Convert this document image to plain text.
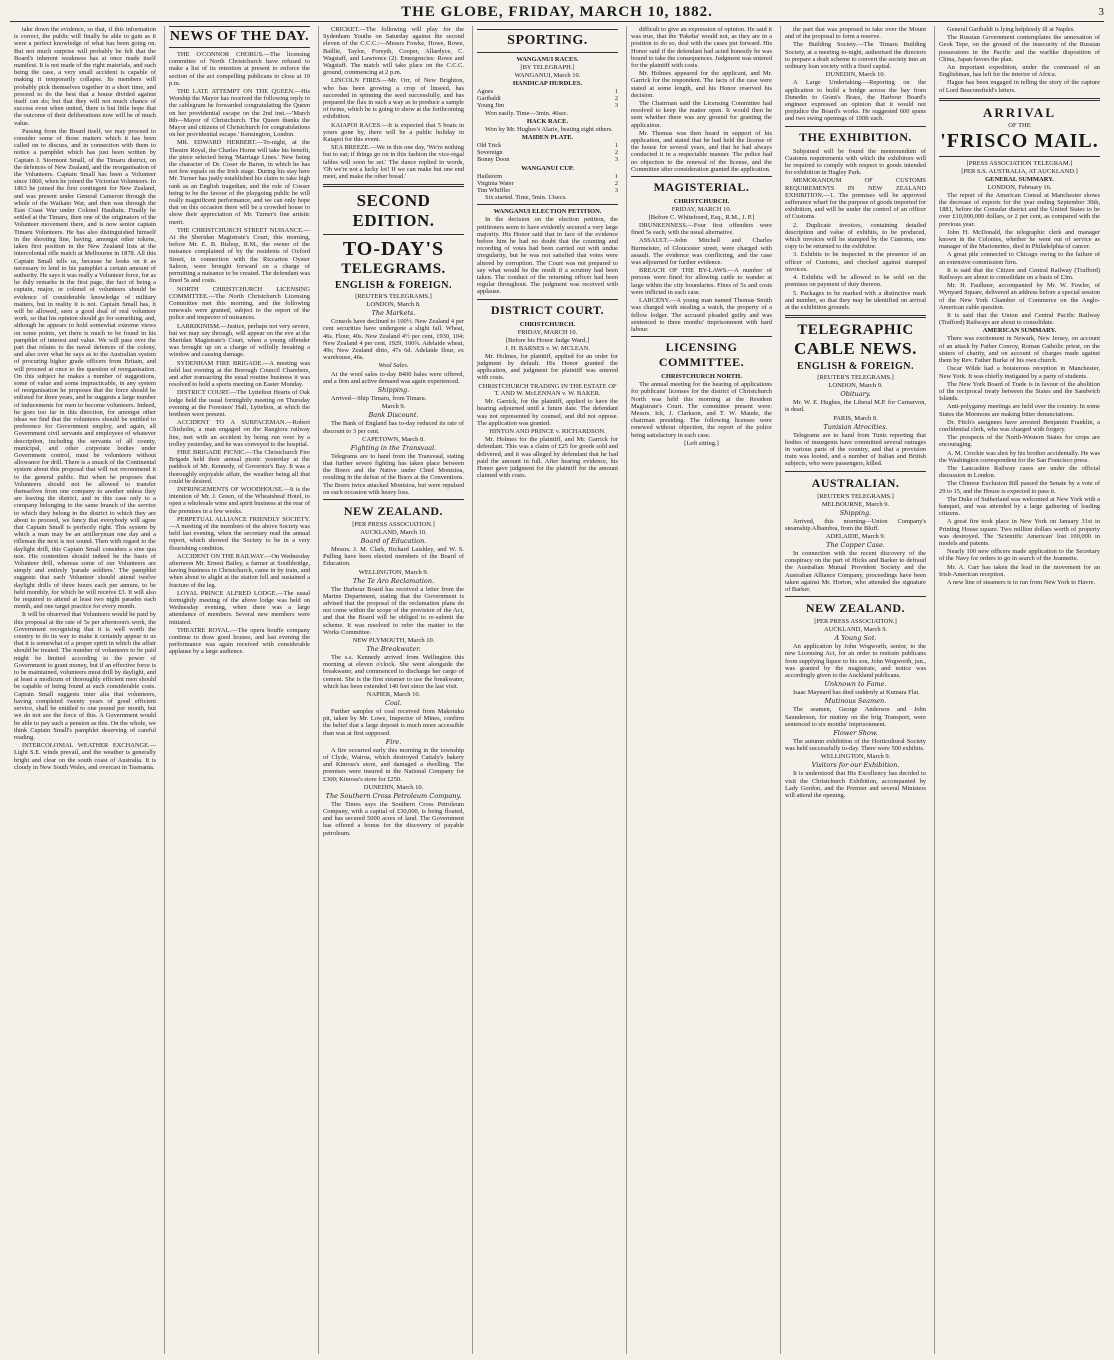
THE GLOBE, FRIDAY, MARCH 10, 1882.	3

take down the evidence, so that, if this information is correct, the public will finally be able to gain as it were a perfect knowledge of what has been going on. But not much surprise will probably be felt that the Board's inherent weakness has at once made itself manifest. It is not made of the right materials, and such being the case, a very small accident is capable of making it temporarily collapse. Its members will probably pick themselves together in a short time, and proceed to do the best that a house divided against itself can do; but that they will not much chance of success even when united, there is but little hope that the outcome of their deliberations now will be of much value.

Passing from the Board itself, we may proceed to consider some of those matters which it has been called on to discuss, and in connection with them to notice a pamphlet which has just been written by Captain J. Stormont Small, of the Timaru district, on the defences of New Zealand, and the reorganisation of the Volunteers. Captain Small has been a Volunteer since 1860, when he joined the Victorian Volunteers. In 1863 he joined the first contingent for New Zealand, and was present under General Cameron through the whole of the Waikato War, and then was through the East Coast War under Colonel Haultain. Finally he settled at the Timaru, then one of the originators of the Volunteer movement there, and is now senior captain Timaru Volunteers. He has also distinguished himself in the shooting line, having, amongst other tokens, taken first position in the New Zealand lists at the intercolonial rifle match at Melbourne in 1878. All this Captain Small tells us, because he looks on it as necessary to lend to his pamphlet a certain amount of authority. He says it was really a Volunteer force, for as he duly remarks in the first page, the fact of being a captain, major, or colonel of volunteers should be evidence of considerable knowledge of military matters, but in reality it is not. Captain Small has, it will be allowed, seen a good deal of real volunteer work, so that his opinion should go for something, and, although he appears to hold somewhat extreme views on some points, yet there is much to be found in his pamphlet of interest and value. We will pass over the part that relates to the naval defences of the colony, and also over what he says as to the Australian system of procuring higher grade officers from Britain, and will proceed at once to the question of reorganisation. On this subject he makes a number of suggestions, some of value and some impracticable, in any system of reorganisation he proposes that the force should be enlisted for three years, and he suggests a large number of inducements for men to become volunteers. Indeed, he goes too far in this direction, for amongst other ideas we find that the volunteers should be entitled to preference for Government employ, and again, all Government civil servants and employees of whatever description, including the servants of all county, municipal, and other corporate bodies under Government control, must be volunteers without allowance for drill. There is a smack of the Continental system about this proposal that will not recommend it to the general public. But when he proposes that Volunteers should not be allowed to transfer themselves from one company to another unless they are leaving the district, and in this case only to a company belonging to the same branch of the service to which they belong in the district to which they are about to proceed, we fancy that everybody will agree that Captain Small is perfectly right. This system by which a man may be an artilleryman one day and a rifleman the next is not sound. Then with regard to the daylight drill, this Captain Small considers a sine qua non. His contention should indeed be the basis of Volunteer drill, whereas some of our Volunteers are simply and entirely 'parade soldiers.' The pamphlet suggests that each Volunteer should attend twelve daylight drills of three hours each per annum, to be held monthly, for which he will receive £3. It will also be required to attend at least two night parades each month, and one target practice for every month.

It will be observed that Volunteers would be paid by this proposal at the rate of 5s per afternoon's work, the Government recognising that it is well worth the country to do its way to make it certainly appear to us that it is somewhat of a proper spirit in which the affair should be treated. The number of volunteers to be paid might be limited according to the power of Government to grant money, but if an effective force is to be maintained, volunteers must drill by daylight, and at least a modicum of thoroughly efficient men should be capable of being found at such considerable costs. Captain Small suggests inter alia that volunteers, having completed twenty years of good efficient service, shall be entitled to one pound per month, but we do not see the force of this. A Government would be able to pay such a pension as this. On the whole, we think Captain Small's pamphlet deserving of careful reading.

INTERCOLONIAL WEATHER EXCHANGE.—Light S.E. winds prevail, and the weather is generally bright and clear on the south coast of Australia. It is cloudy in New South Wales, and overcast in Tasmania.

NEWS OF THE DAY.

THE O'CONNOR CHORUS.—The licensing committee of North Christchurch have refused to make a list of its retention at present to enforce the section of the act compelling publicans to close at 10 p.m.

THE LATE ATTEMPT ON THE QUEEN.—His Worship the Mayor has received the following reply to the cablegram he forwarded congratulating the Queen on her providential escape on the 2nd inst.—'March 8th—Mayor of Christchurch. The Queen thanks the Mayor and citizens of Christchurch for congratulations on her providential escape.' Kensington, London.

MR. EDWARD HERBERT.—To-night, at the Theatre Royal, the Charles Horne will take his benefit, the piece selected being 'Marriage Lines.' New being the character of Dr. Coser de Baron, in which he has not few equals on the Irish stage. During his stay here Mr. Turner has justly established his claim to take high rank as an English tragedian, and the role of Cosser being to be the favour of the playgoing public he will really magnificent performance, and we can only hope that on this occasion there will be a crowded house to show their appreciation of Mr. Turner's fine artistic merit.

THE CHRISTCHURCH STREET NUISANCE.—At the Sheridan Magistrate's Court, this morning, before Mr. E. B. Bishop, R.M., the owner of the nuisance complained of by the residents of Oxford Street, in connection with the Riccarton Oyster Saloon, were brought forward on a charge of permitting a nuisance to be created. The defendant was fined 5s and costs.

NORTH CHRISTCHURCH LICENSING COMMITTEE.—The North Christchurch Licensing Committee met this morning, and the following renewals were granted, subject to the report of the police and inspector of nuisances.

LARRIKINISM.—Justice, perhaps not very severe, but we may say through, will appear on the eve at the Sheridan Magistrate's Court, when a young offender was brought up on a charge of wilfully breaking a window and causing damage.

SYDENHAM FIRE BRIGADE.—A meeting was held last evening at the Borough Council Chambers, and after transacting the usual routine business it was resolved to hold a sports meeting on Easter Monday.

DISTRICT COURT.—The Lyttelton Hearts of Oak lodge held the usual fortnightly meeting on Thursday evening at the Foresters' Hall, Lyttelton, at which the brethren were present.

ACCIDENT TO A SURFACEMAN.—Robert Chisholm, a man engaged on the Rangiora railway line, met with an accident by being run over by a trolley yesterday, and he was conveyed to the hospital.

FIRE BRIGADE PICNIC.—The Christchurch Fire Brigade held their annual picnic yesterday at the paddock of Mr. Kennedy, of Governor's Bay. It was a thoroughly enjoyable affair, the weather being all that could be desired.

INFRINGEMENTS OF WOODHOUSE.—It is the intention of Mr. J. Green, of the Wheatsheaf Hotel, to open a wholesale wine and spirit business at the rear of the premises in a few weeks.

PERPETUAL ALLIANCE FRIENDLY SOCIETY.—A meeting of the members of the above Society was held last evening, when the secretary read the annual report, which showed the Society to be in a very flourishing condition.

ACCIDENT ON THE RAILWAY.—On Wednesday afternoon Mr. Ernest Bailey, a farmer at Southbridge, having business in Christchurch, came in by train, and when about to alight at the station fell and sustained a fracture of the leg.

LOYAL PRINCE ALFRED LODGE.—The usual fortnightly meeting of the above lodge was held on Wednesday evening, when there was a large attendance of members. Several new members were initiated.

THEATRE ROYAL.—The opera bouffe company continue to draw good houses, and last evening the performance was again received with considerable applause by a large audience.

CRICKET.—The following will play for the Sydenham Youths on Saturday against the second eleven of the C.C.C.:—Messrs Fowke, Howe, Rowe, Baillie, Taylor, Forsyth, Cooper, Allardyce, C. Wagstaff, and Lawrence (2). Emergencies: Rowe and Wagstaff. The match will take place on the C.C.C. ground, commencing at 2 p.m.

LINCOLN FIRES.—Mr. Orr, of New Brighton, who has been growing a crop of linseed, has succeeded in spinning the seed successfully, and has prepared the flax in such a way as to produce a sample of twine, which he is going to show at the forthcoming exhibition.

KAIAPOI RACES.—It is expected that 5 boats in yours gone by, there will be a public holiday in Kaiapoi for this event.

SEA BREEZE.—We in this one day, 'We're nothing but to eat; if things go on in this fashion the vice-regal tables will soon be set.' The dance replied in words, 'Oh we're not a lucky lot! If we can make but one end meet, and make the other bread.'

SECOND EDITION.
TO-DAY'S
TELEGRAMS.
ENGLISH & FOREIGN.
[REUTER'S TELEGRAMS.]
LONDON, March 8.
The Markets.

Consols have declined to 100½. New Zealand 4 per cent securities have undergone a slight fall. Wheat, 46s. Flour, 40s. New Zealand 4½ per cent, 1930, 104; New Zealand 4 per cent, 1929, 100¾. Adelaide wheat, 49s; New Zealand ditto, 47s 6d. Adelaide flour, ex warehouse, 46s.

Wool Sales.

At the wool sales to-day 8400 bales were offered, and a firm and active demand was again experienced.

Shipping.

Arrived—Ship Timaru, from Timaru.

March 9.
Bank Discount.

The Bank of England has to-day reduced its rate of discount to 3 per cent.

CAPETOWN, March 8.
Fighting in the Transvaal.

Telegrams are to hand from the Transvaal, stating that further severe fighting has taken place between the Boers and the Native under Chief Montsioa, resulting in the defeat of the Boers at the Conventions. The Boers twice attacked Montsioa, but were repulsed on each occasion with heavy loss.

NEW ZEALAND.
[PER PRESS ASSOCIATION.]
AUCKLAND, March 10.
Board of Education.

Messrs. J. M. Clark, Richard Laishley, and W. S. Pulling have been elected members of the Board of Education.

WELLINGTON, March 9.
The Te Aro Reclamation.

The Harbour Board has received a letter from the Marine Department, stating that the Government is advised that the proposal of the reclamation plans do not come within the scope of the provision of the Act, and that the Board will be obliged to re-submit the scheme. It was resolved to refer the matter to the Works Committee.

NEW PLYMOUTH, March 10.
The Breakwater.

The s.s. Kennedy arrived from Wellington this morning at eleven o'clock. She went alongside the breakwater, and commenced to discharge her cargo of cement. She is the first steamer to use the breakwater, which has been extended 140 feet since the last visit.

NAPIER, March 10.
Coal.

Further samples of coal received from Makotuku pit, taken by Mr. Lowe, Inspector of Mines, confirm the belief that a large deposit is much more accessible than was at first supposed.

Fire.

A fire occurred early this morning in the township of Clyde, Wairoa, which destroyed Cattaly's bakery and Kinross's store, and damaged a dwelling. The premises were insured in the National Company for £300; Kinross's store for £250.

DUNEDIN, March 10.
The Southern Cross Petroleum Company.

The Times says the Southern Cross Petroleum Company, with a capital of £30,000, is being floated, and has secured 5000 acres of land. The Government has offered a bonus for the discovery of payable petroleum.

SPORTING.
WANGANUI RACES.
[BY TELEGRAPH.]
WANGANUI, March 10.
HANDICAP HURDLES.
Agnes	1
Garibaldi	2
Young Jim	3

Won easily. Time—3min. 46sec.

HACK RACE.

Won by Mr. Hughes's Alarie, beating eight others.

MAIDEN PLATE.
Old Trick	1
Sovereign	2
Bonny Doon	3
WANGANUI CUP.
Hailstorm	1
Virginia Water	2
Tim Whiffler	3

Six started. Time, 5min. 13secs.

WANGANUI ELECTION PETITION.

In the decision on the election petition, the petitioners seem to have evidently secured a very large majority. His Honor said that in face of the evidence before him he had no doubt that the counting and recording of votes had been carried out with undue irregularity, but he was not satisfied that votes were altered by corruption. The Court was not prepared to say what would be the result if a scrutiny had been taken. The conduct of the returning officer had been regular throughout. The judgment was received with applause.

DISTRICT COURT.
CHRISTCHURCH.
FRIDAY, MARCH 10.
[Before his Honor Judge Ward.]
J. H. BARNES v. W. MCLEAN.

Mr. Holmes, for plaintiff, applied for an order for judgment by default. His Honor granted the application, and judgment for plaintiff was entered with costs.

CHRISTCHURCH TRADING IN THE ESTATE OF T. AND W. McLENNAN v. W. BAKER.

Mr. Garrick, for the plaintiff, applied to have the hearing adjourned until a future date. The defendant was not represented by counsel, and did not oppose. The application was granted.

HINTON AND PRINCE v. RICHARDSON.

Mr. Holmes for the plaintiff, and Mr. Garrick for defendant. This was a claim of £25 for goods sold and delivered, and it was alleged by defendant that he had paid the amount in full. After hearing evidence, his Honor gave judgment for the plaintiff for the amount claimed with costs.

difficult to give an expression of opinion. He said it was true, that the 'Pakeha' would not, as they are in a position to do so, deal with the cases put forward. His Honor said if the defendant had acted honestly he was bound to take the consequences. Judgment was entered for the plaintiff with costs.

Mr. Holmes appeared for the applicant, and Mr. Garrick for the respondent. The facts of the case were stated at some length, and his Honor reserved his decision.

The Chairman said the Licensing Committee had resolved to keep the matter open. It would then be seen whether there was any ground for granting the application.

Mr. Thomas was then heard in support of his application, and stated that he had held the license of the house for several years, and that he had always conducted it in a respectable manner. The police had no objection to the renewal of the license, and the Committee after consideration granted the application.

MAGISTERIAL.
CHRISTCHURCH.
FRIDAY, MARCH 10.
[Before C. Whitefoord, Esq., R.M., J. P.]

DRUNKENNESS.—Four first offenders were fined 5s each, with the usual alternative.

ASSAULT.—John Mitchell and Charles Burmeister, of Gloucester street, were charged with assault. The evidence was conflicting, and the case was adjourned for further evidence.

BREACH OF THE BY-LAWS.—A number of persons were fined for allowing cattle to wander at large within the city boundaries. Fines of 5s and costs were inflicted in each case.

LARCENY.—A young man named Thomas Smith was charged with stealing a watch, the property of a fellow lodger. The accused pleaded guilty and was sentenced to three months' imprisonment with hard labour.

LICENSING COMMITTEE.
CHRISTCHURCH NORTH.

The annual meeting for the hearing of applications for publicans' licenses for the district of Christchurch North was held this morning at the Resident Magistrate's Court. The committee present were: Messrs. Ick, J. Clarkson, and T. W. Maude, the chairman presiding. The following licenses were renewed without objection, the report of the police being satisfactory in each case.

[Left sitting.]

the part that was proposed to take over the Mount and of the proposal to form a reserve.

The Building Society.—The Timaru Building Society, at a meeting to-night, authorised the directors to prepare a draft scheme to convert the society into an ordinary loan society with a fixed capital.

DUNEDIN, March 10.

A Large Undertaking.—Reporting on the application to build a bridge across the bay from Dunedin to Grant's Braes, the Harbour Board's engineer expressed an opinion that it would not prejudice the Board's works. He suggested 600 spans and two swing openings of 100ft each.

THE EXHIBITION.

Subjoined will be found the memorandum of Customs requirements with which the exhibitors will be required to comply with respect to goods intended for exhibition in Hagley Park.

MEMORANDUM OF CUSTOMS REQUIREMENTS IN NEW ZEALAND EXHIBITION.—1. The premises will be approved sufferance wharf for the purpose of goods imported for exhibition, and will be under the control of an officer of Customs.

2. Duplicate invoices, containing detailed description and value of exhibits, to be produced, which invoices will be stamped by the Customs, one copy to be returned to the exhibitor.

3. Exhibits to be inspected in the presence of an officer of Customs, and checked against stamped invoices.

4. Exhibits will be allowed to be sold on the premises on payment of duty thereon.

5. Packages to be marked with a distinctive mark and number, so that they may be identified on arrival at the exhibition grounds.

TELEGRAPHIC
CABLE NEWS.
ENGLISH & FOREIGN.
[REUTER'S TELEGRAMS.]
LONDON, March 9.
Obituary.

Mr. W. E. Hughes, the Liberal M.P. for Carnarvon, is dead.

PARIS, March 8.
Tunisian Atrocities.

Telegrams are to hand from Tunis reporting that bodies of insurgents have committed several outrages in various parts of the country, and that a provision train was looted, and a number of Italian and British subjects, who were passengers, killed.

AUSTRALIAN.
[REUTER'S TELEGRAMS.]
MELBOURNE, March 9.
Shipping.

Arrived, this morning—Union Company's steamship Albambra, from the Bluff.

ADELAIDE, March 9.
The Copper Case.

In connection with the recent discovery of the conspiracy on the part of Hicks and Barker to defraud the Australian Mutual Provident Society and the Australian Alliance Company, proceedings have been taken against Mr. Horton, who attended the signature of Barker.

NEW ZEALAND.
[PER PRESS ASSOCIATION.]
AUCKLAND, March 9.
A Young Sot.

An application by John Wogworth, senior, to the new Licensing Act, for an order to restrain publicans from supplying liquor to his son, John Wogworth, jun., was granted by the magistrate, and notice was accordingly given to the Auckland publicans.

Unknown to Fame.

Isaac Maynard has died suddenly at Kumara Flat.

Mutinous Seamen.

The seamen, George Anderson and John Saunderson, for mutiny on the brig Transport, were sentenced to six months' imprisonment.

Flower Show.

The autumn exhibition of the Horticultural Society was held successfully to-day. There were 500 exhibits.

WELLINGTON, March 9.
Visitors for our Exhibition.

It is understood that His Excellency has decided to visit the Christchurch Exhibition, accompanied by Lady Gordon, and the Premier and several Ministers will attend the opening.

General Garibaldi is lying helplessly ill at Naples.

The Russian Government contemplates the annexation of Geok Tepe, on the ground of the insecurity of the Russian possessions in the Pacific and the warlike disposition of China, Japan favors the plan.

An important expedition, under the command of an Englishman, has left for the interior of Africa.

Hague has been engaged in telling the story of the capture of Lord Beaconsfield's letters.

ARRIVAL
OF THE
'FRISCO MAIL.
[PRESS ASSOCIATION TELEGRAM.]
[PER S.S. AUSTRALIA, AT AUCKLAND.]
GENERAL SUMMARY.
LONDON, February 16.

The report of the American Consul at Manchester shows the decrease of exports for the year ending September 30th, 1881, before the Consular district and the United States to be over £10,000,000 dollars, or 2 per cent, as compared with the previous year.

John H. McDonald, the telegraphic clerk and manager known in the Colonies, whether he went out of service as manager of the Marionettes, died in Philadelphia of cancer.

A great pile connected to Chicago owing to the failure of an extensive commission firm.

It is said that the Citizen and Central Railway (Trafford) Railways are about to consolidate on a basis of £3m.

Mr. H. Faulkner, accompanied by Mr. W. Fowler, of Wynyard Square, delivered an address before a special session of the New York Chamber of Commerce on the Anglo-American cable question.

It is said that the Union and Central Pacific Railway (Trafford) Railways are about to consolidate.

AMERICAN SUMMARY.

There was excitement in Newark, New Jersey, on account of an attack by Father Conroy, Roman Catholic priest, on the sisters of charity, and on account of charges made against them by Rev. Father Burke of his own church.

Oscar Wilde had a boisterous reception in Manchester, New York. It was chiefly instigated by a party of students.

The New York Board of Trade is in favour of the abolition of the reciprocal treaty between the States and the Sandwich Islands.

Anti-polygamy meetings are held over the country. In some States the Mormons are making bitter denunciations.

Dr. Fitch's assignees have arrested Benjamin Franklin, a confidential clerk, who was charged with forgery.

The prospects of the North-Western States for crops are encouraging.

A. M. Crockie was shot by his brother accidentally. He was the Washington correspondent for the San Francisco press.

The Lancashire Railway cases are under the official discussion in London.

The Chinese Exclusion Bill passed the Senate by a vote of 29 to 15, and the House is expected to pass it.

The Duke of Sutherland was welcomed at New York with a banquet, and was attended by a large gathering of leading citizens.

A great fire took place in New York on January 31st in Printing House square. Two million dollars worth of property was destroyed. The 'Scientific American' lost 100,000 in models and patents.

Nearly 100 new officers made application to the Secretary of the Navy for orders to go in search of the Jeannette.

Mr. A. Carr has taken the lead in the movement for an Irish-American reception.

A new line of steamers is to run from New York to Havre.
